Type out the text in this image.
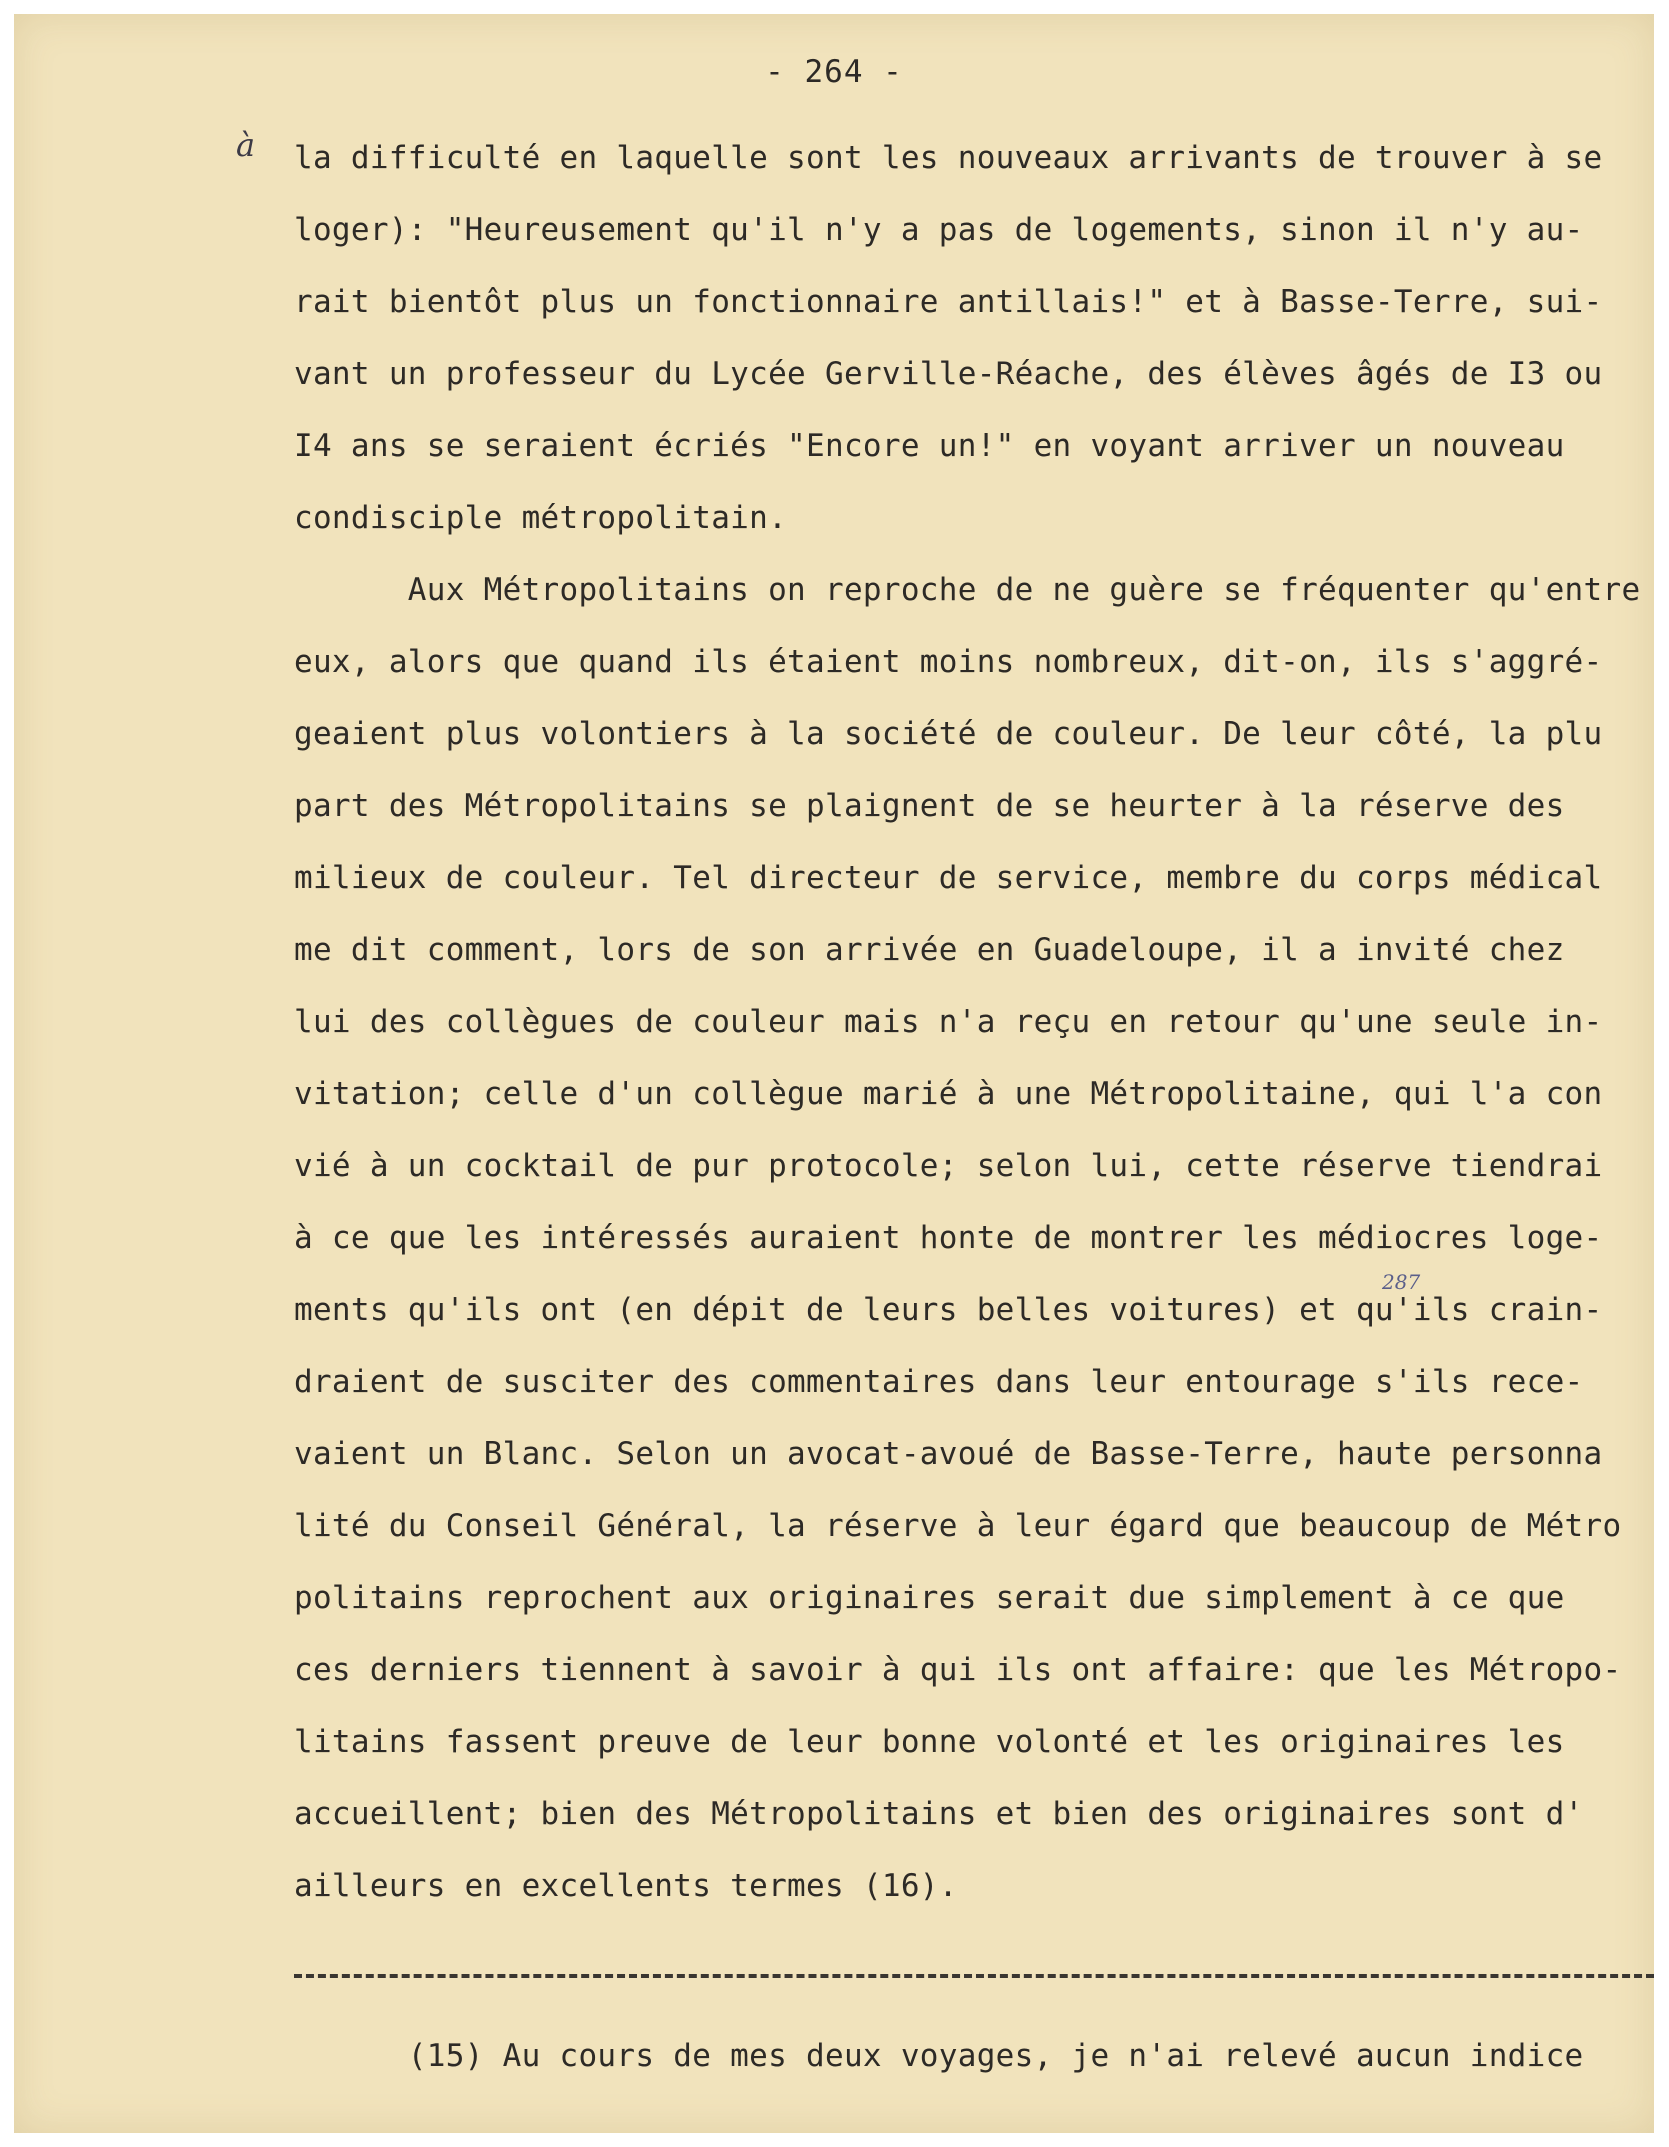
- 264 -
à la difficulté en laquelle sont les nouveaux arrivants de trouver à se
loger): "Heureusement qu'il n'y a pas de logements, sinon il n'y au-
rait bientôt plus un fonctionnaire antillais!" et à Basse-Terre, sui-
vant un professeur du Lycée Gerville-Réache, des élèves âgés de I3 ou
I4 ans se seraient écriés "Encore un!" en voyant arriver un nouveau
condisciple métropolitain.
Aux Métropolitains on reproche de ne guère se fréquenter qu'entre
eux, alors que quand ils étaient moins nombreux, dit-on, ils s'aggré-
geaient plus volontiers à la société de couleur. De leur côté, la plu
part des Métropolitains se plaignent de se heurter à la réserve des
milieux de couleur. Tel directeur de service, membre du corps médical
me dit comment, lors de son arrivée en Guadeloupe, il a invité chez
lui des collègues de couleur mais n'a reçu en retour qu'une seule in-
vitation; celle d'un collègue marié à une Métropolitaine, qui l'a con
vié à un cocktail de pur protocole; selon lui, cette réserve tiendrai
à ce que les intéressés auraient honte de montrer les médiocres loge-
ments qu'ils ont (en dépit de leurs belles voitures) et qu'ils crain-
draient de susciter des commentaires dans leur entourage s'ils rece-
vaient un Blanc. Selon un avocat-avoué de Basse-Terre, haute personna
lité du Conseil Général, la réserve à leur égard que beaucoup de Métro
politains reprochent aux originaires serait due simplement à ce que
ces derniers tiennent à savoir à qui ils ont affaire: que les Métropo-
litains fassent preuve de leur bonne volonté et les originaires les
accueillent; bien des Métropolitains et bien des originaires sont d'
ailleurs en excellents termes (16).
287
(15) Au cours de mes deux voyages, je n'ai relevé aucun indice
